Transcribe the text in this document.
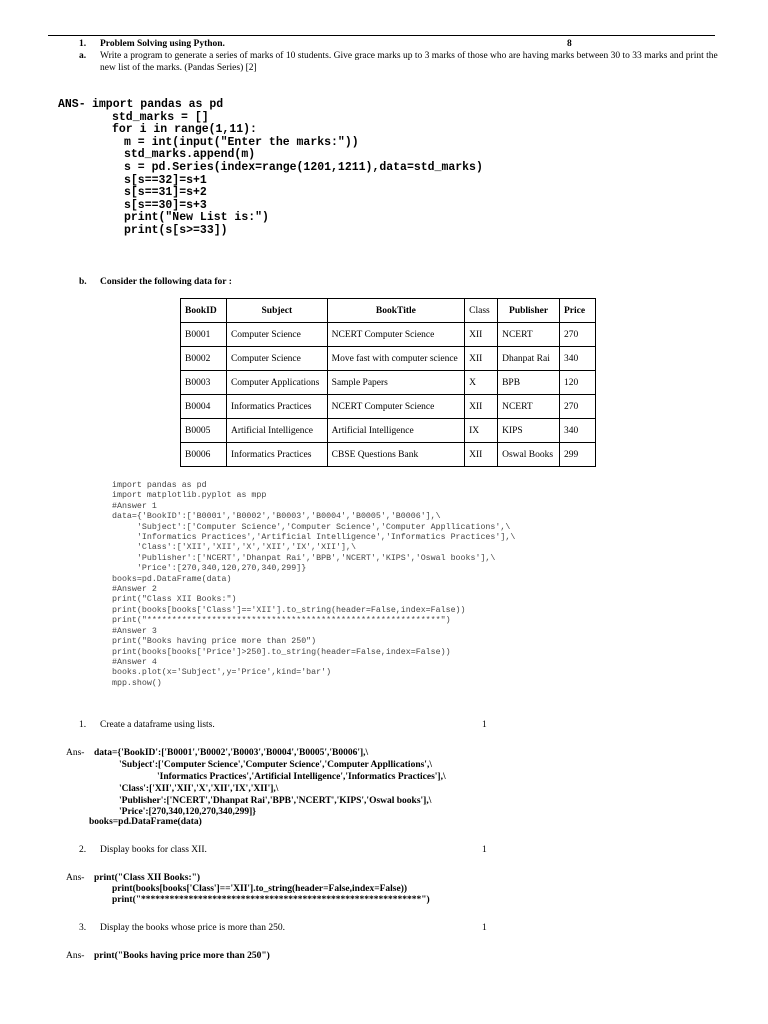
1. Problem Solving using Python.	8
a. Write a program to generate a series of marks of 10 students. Give grace marks up to 3 marks of those who are having marks between 30 to 33 marks and print the
new list of the marks. (Pandas Series) [2]
ANS- import pandas as pd
std_marks = []
for i in range(1,11):
m = int(input("Enter the marks:"))
std_marks.append(m)
s = pd.Series(index=range(1201,1211),data=std_marks)
s[s==32]=s+1
s[s==31]=s+2
s[s==30]=s+3
print("New List is:")
print(s[s>=33])
b. Consider the following data for :
BookID	Subject	BookTitle	Class	Publisher	Price
B0001	Computer Science	NCERT Computer Science	XII	NCERT	270
B0002	Computer Science	Move fast with computer science	XII	Dhanpat Rai	340
B0003	Computer Applications	Sample Papers	X	BPB	120
B0004	Informatics Practices	NCERT Computer Science	XII	NCERT	270
B0005	Artificial Intelligence	Artificial Intelligence	IX	KIPS	340
B0006	Informatics Practices	CBSE Questions Bank	XII	Oswal Books	299
import pandas as pd
import matplotlib.pyplot as mpp
#Answer 1
data={'BookID':['B0001','B0002','B0003','B0004','B0005','B0006'],\
'Subject':['Computer Science','Computer Science','Computer Appllications',\
'Informatics Practices','Artificial Intelligence','Informatics Practices'],\
'Class':['XII','XII','X','XII','IX','XII'],\
'Publisher':['NCERT','Dhanpat Rai','BPB','NCERT','KIPS','Oswal books'],\
'Price':[270,340,120,270,340,299]}
books=pd.DataFrame(data)
#Answer 2
print("Class XII Books:")
print(books[books['Class']=='XII'].to_string(header=False,index=False))
print("***********************************************************")
#Answer 3
print("Books having price more than 250")
print(books[books['Price']>250].to_string(header=False,index=False))
#Answer 4
books.plot(x='Subject',y='Price',kind='bar')
mpp.show()
1. Create a dataframe using lists.	1
Ans- data={'BookID':['B0001','B0002','B0003','B0004','B0005','B0006'],\
'Subject':['Computer Science','Computer Science','Computer Appllications',\
'Informatics Practices','Artificial Intelligence','Informatics Practices'],\
'Class':['XII','XII','X','XII','IX','XII'],\
'Publisher':['NCERT','Dhanpat Rai','BPB','NCERT','KIPS','Oswal books'],\
'Price':[270,340,120,270,340,299]}
books=pd.DataFrame(data)
2. Display books for class XII.	1
Ans- print("Class XII Books:")
print(books[books['Class']=='XII'].to_string(header=False,index=False))
print("***********************************************************")
3. Display the books whose price is more than 250.	1
Ans- print("Books having price more than 250")
